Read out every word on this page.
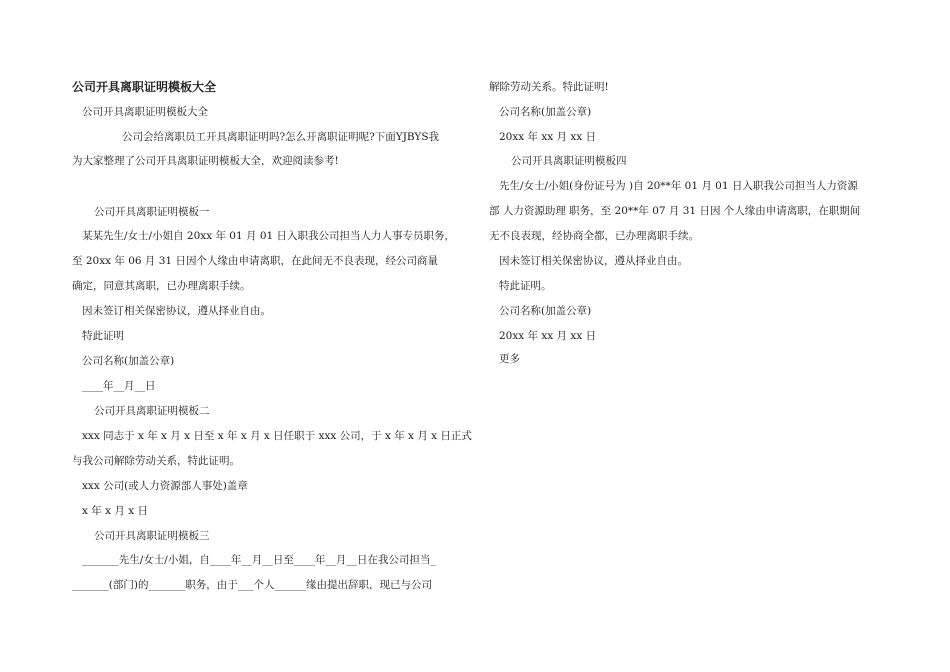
公司开具离职证明模板大全
公司开具离职证明模板大全
公司会给离职员工开具离职证明吗?怎么开离职证明呢?下面YJBYS我
为大家整理了公司开具离职证明模板大全，欢迎阅读参考!
公司开具离职证明模板一
某某先生/女士/小姐自 20xx 年 01 月 01 日入职我公司担当人力人事专员职务，
至 20xx 年 06 月 31 日因个人缘由申请离职，在此间无不良表现，经公司商量
确定，同意其离职，已办理离职手续。
因未签订相关保密协议，遵从择业自由。
特此证明
公司名称(加盖公章)
____年__月__日
公司开具离职证明模板二
xxx 同志于 x 年 x 月 x 日至 x 年 x 月 x 日任职于 xxx 公司，于 x 年 x 月 x 日正式
与我公司解除劳动关系，特此证明。
xxx 公司(或人力资源部人事处)盖章
x 年 x 月 x 日
公司开具离职证明模板三
_______先生/女士/小姐，自____年__月__日至____年__月__日在我公司担当_
_______(部门)的_______职务，由于___个人______缘由提出辞职，现已与公司
解除劳动关系。特此证明!
公司名称(加盖公章)
20xx 年 xx 月 xx 日
公司开具离职证明模板四
先生/女士/小姐(身份证号为 )自 20**年 01 月 01 日入职我公司担当人力资源
部 人力资源助理 职务，至 20**年 07 月 31 日因 个人缘由申请离职，在职期间
无不良表现，经协商全都，已办理离职手续。
因未签订相关保密协议，遵从择业自由。
特此证明。
公司名称(加盖公章)
20xx 年 xx 月 xx 日
更多
